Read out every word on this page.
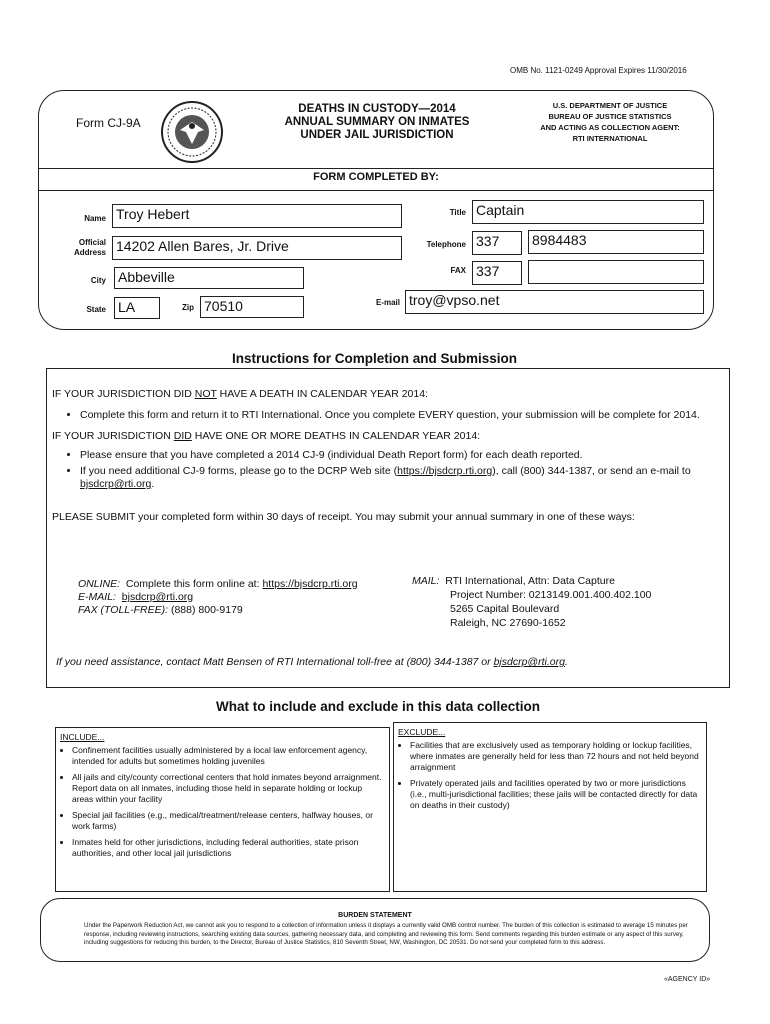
OMB No. 1121-0249 Approval Expires 11/30/2016
Form CJ-9A
DEATHS IN CUSTODY—2014
ANNUAL SUMMARY ON INMATES
UNDER JAIL JURISDICTION
U.S. DEPARTMENT OF JUSTICE
BUREAU OF JUSTICE STATISTICS
AND ACTING AS COLLECTION AGENT:
RTI INTERNATIONAL
FORM COMPLETED BY:
Name Troy Hebert
Official
Address 14202 Allen Bares, Jr. Drive
City Abbeville
State LA	Zip 70510
Title Captain
Telephone 337	8984483
FAX 337
E-mail troy@vpso.net
Instructions for Completion and Submission
IF YOUR JURISDICTION DID NOT HAVE A DEATH IN CALENDAR YEAR 2014:
• Complete this form and return it to RTI International. Once you complete EVERY question, your submission will be complete for 2014.
IF YOUR JURISDICTION DID HAVE ONE OR MORE DEATHS IN CALENDAR YEAR 2014:
• Please ensure that you have completed a 2014 CJ-9 (individual Death Report form) for each death reported.
• If you need additional CJ-9 forms, please go to the DCRP Web site (https://bjsdcrp.rti.org), call (800) 344-1387, or send an e-mail to bjsdcrp@rti.org.
PLEASE SUBMIT your completed form within 30 days of receipt. You may submit your annual summary in one of these ways:
ONLINE: Complete this form online at: https://bjsdcrp.rti.org
E-MAIL: bjsdcrp@rti.org
FAX (TOLL-FREE): (888) 800-9179
MAIL: RTI International, Attn: Data Capture
Project Number: 0213149.001.400.402.100
5265 Capital Boulevard
Raleigh, NC 27690-1652
If you need assistance, contact Matt Bensen of RTI International toll-free at (800) 344-1387 or bjsdcrp@rti.org.
What to include and exclude in this data collection
INCLUDE...
• Confinement facilities usually administered by a local law enforcement agency, intended for adults but sometimes holding juveniles
• All jails and city/county correctional centers that hold inmates beyond arraignment. Report data on all inmates, including those held in separate holding or lockup areas within your facility
• Special jail facilities (e.g., medical/treatment/release centers, halfway houses, or work farms)
• Inmates held for other jurisdictions, including federal authorities, state prison authorities, and other local jail jurisdictions
EXCLUDE...
• Facilities that are exclusively used as temporary holding or lockup facilities, where inmates are generally held for less than 72 hours and not held beyond arraignment
• Privately operated jails and facilities operated by two or more jurisdictions (i.e., multi-jurisdictional facilities; these jails will be contacted directly for data on deaths in their custody)
BURDEN STATEMENT
Under the Paperwork Reduction Act, we cannot ask you to respond to a collection of information unless it displays a currently valid OMB control number. The burden of this collection is estimated to average 15 minutes per response, including reviewing instructions, searching existing data sources, gathering necessary data, and completing and reviewing this form. Send comments regarding this burden estimate or any aspect of this survey, including suggestions for reducing this burden, to the Director, Bureau of Justice Statistics, 810 Seventh Street, NW, Washington, DC 20531. Do not send your completed form to this address.
«AGENCY ID»
